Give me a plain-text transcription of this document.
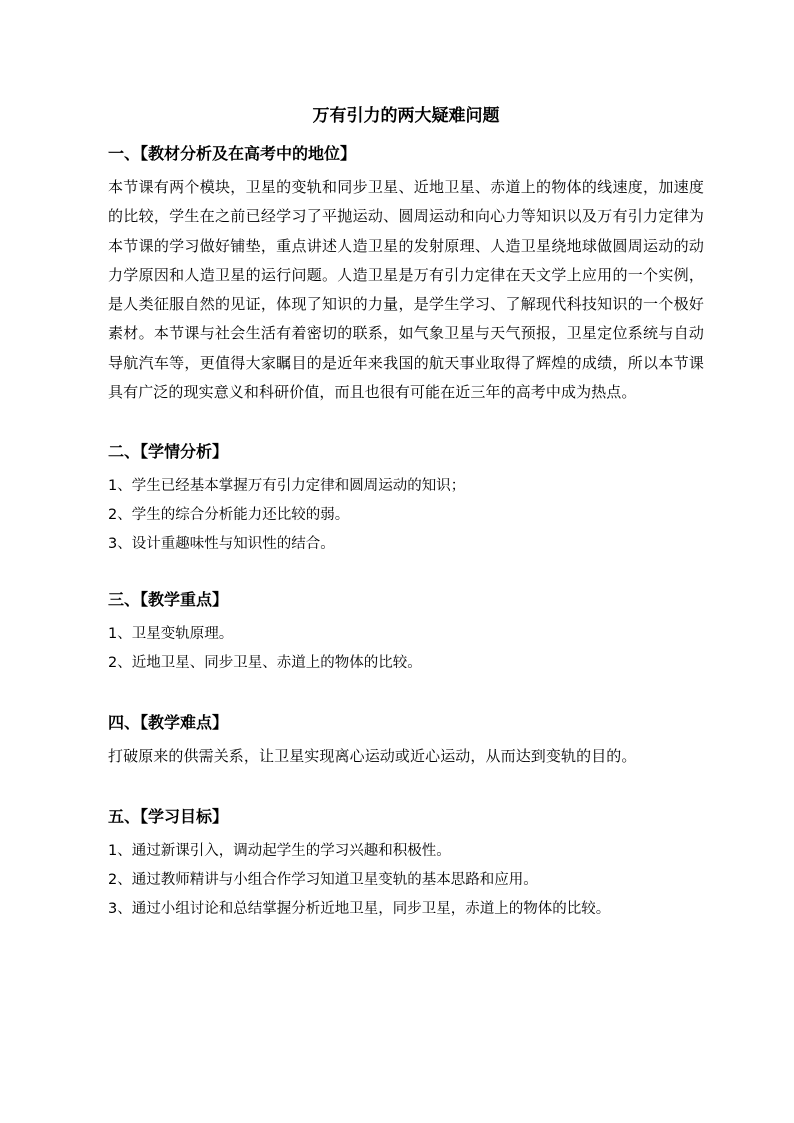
万有引力的两大疑难问题
一、【教材分析及在高考中的地位】

本节课有两个模块，卫星的变轨和同步卫星、近地卫星、赤道上的物体的线速度，加速度的比较，学生在之前已经学习了平抛运动、圆周运动和向心力等知识以及万有引力定律为本节课的学习做好铺垫，重点讲述人造卫星的发射原理、人造卫星绕地球做圆周运动的动力学原因和人造卫星的运行问题。人造卫星是万有引力定律在天文学上应用的一个实例，是人类征服自然的见证，体现了知识的力量，是学生学习、了解现代科技知识的一个极好素材。本节课与社会生活有着密切的联系，如气象卫星与天气预报，卫星定位系统与自动导航汽车等，更值得大家瞩目的是近年来我国的航天事业取得了辉煌的成绩，所以本节课具有广泛的现实意义和科研价值，而且也很有可能在近三年的高考中成为热点。

二、【学情分析】
1、学生已经基本掌握万有引力定律和圆周运动的知识；
2、学生的综合分析能力还比较的弱。
3、设计重趣味性与知识性的结合。
三、【教学重点】
1、卫星变轨原理。
2、近地卫星、同步卫星、赤道上的物体的比较。
四、【教学难点】

打破原来的供需关系，让卫星实现离心运动或近心运动，从而达到变轨的目的。

五、【学习目标】
1、通过新课引入，调动起学生的学习兴趣和积极性。
2、通过教师精讲与小组合作学习知道卫星变轨的基本思路和应用。
3、通过小组讨论和总结掌握分析近地卫星，同步卫星，赤道上的物体的比较。
